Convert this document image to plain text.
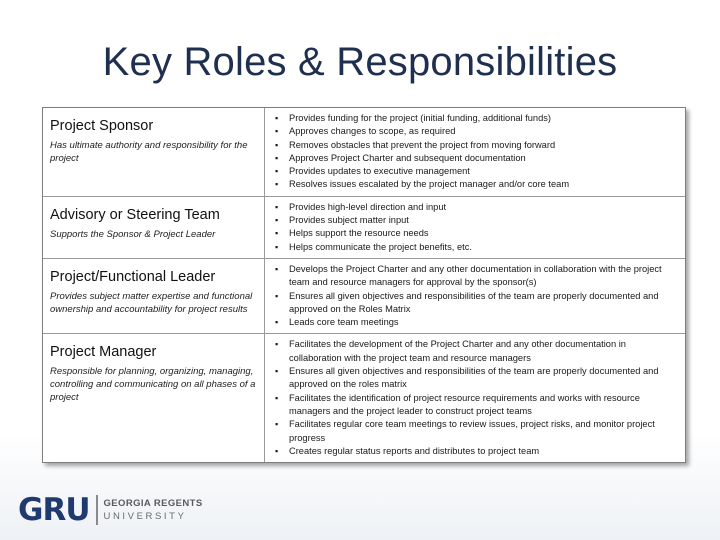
Key Roles & Responsibilities
Project Sponsor
Has ultimate authority and responsibility for the project
▪ Provides funding for the project (initial funding, additional funds)
▪ Approves changes to scope, as required
▪ Removes obstacles that prevent the project from moving forward
▪ Approves Project Charter and subsequent documentation
▪ Provides updates to executive management
▪ Resolves issues escalated by the project manager and/or core team
Advisory or Steering Team
Supports the Sponsor & Project Leader
▪ Provides high-level direction and input
▪ Provides subject matter input
▪ Helps support the resource needs
▪ Helps communicate the project benefits, etc.
Project/Functional Leader
Provides subject matter expertise and functional ownership and accountability for project results
▪ Develops the Project Charter and any other documentation in collaboration with the project team and resource managers for approval by the sponsor(s)
▪ Ensures all given objectives and responsibilities of the team are properly documented and approved on the Roles Matrix
▪ Leads core team meetings
Project Manager
Responsible for planning, organizing, managing, controlling and communicating on all phases of a project
▪ Facilitates the development of the Project Charter and any other documentation in collaboration with the project team and resource managers
▪ Ensures all given objectives and responsibilities of the team are properly documented and approved on the roles matrix
▪ Facilitates the identification of project resource requirements and works with resource managers and the project leader to construct project teams
▪ Facilitates regular core team meetings to review issues, project risks, and monitor project progress
▪ Creates regular status reports and distributes to project team
GRU GEORGIA REGENTS
UNIVERSITY
